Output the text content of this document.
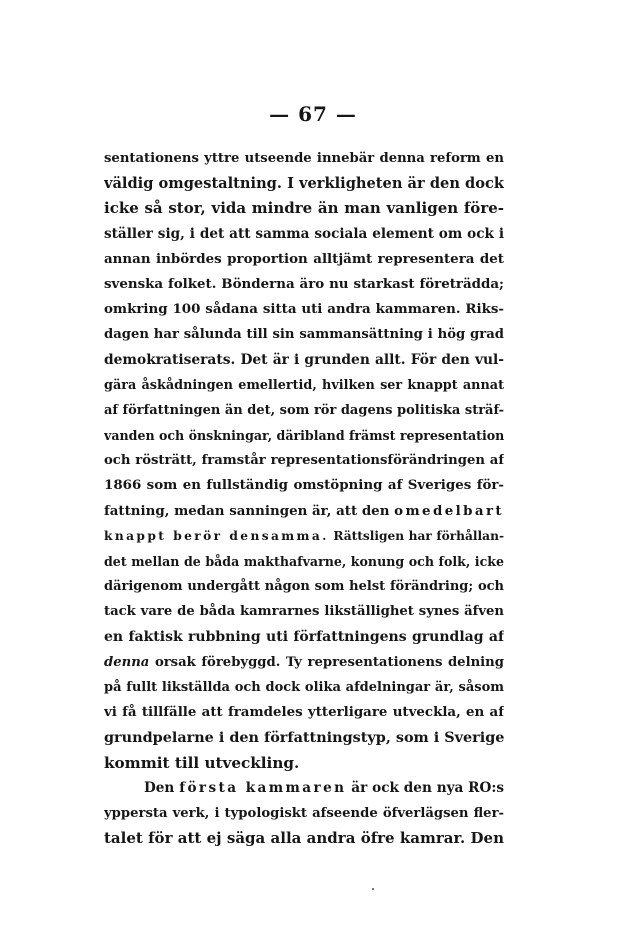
— 67 —
sentationens yttre utseende innebär denna reform en
väldig omgestaltning. I verkligheten är den dock
icke så stor, vida mindre än man vanligen före-
ställer sig, i det att samma sociala element om ock i
annan inbördes proportion alltjämt representera det
svenska folket. Bönderna äro nu starkast företrädda;
omkring 100 sådana sitta uti andra kammaren. Riks-
dagen har sålunda till sin sammansättning i hög grad
demokratiserats. Det är i grunden allt. För den vul-
gära åskådningen emellertid, hvilken ser knappt annat
af författningen än det, som rör dagens politiska sträf-
vanden och önskningar, däribland främst representation
och rösträtt, framstår representationsförändringen af
1866 som en fullständig omstöpning af Sveriges för-
fattning, medan sanningen är, att den omedelbart
knappt berör densamma. Rättsligen har förhållan-
det mellan de båda makthafvarne, konung och folk, icke
därigenom undergått någon som helst förändring; och
tack vare de båda kamrarnes likställighet synes äfven
en faktisk rubbning uti författningens grundlag af
denna orsak förebyggd. Ty representationens delning
på fullt likställda och dock olika afdelningar är, såsom
vi få tillfälle att framdeles ytterligare utveckla, en af
grundpelarne i den författningstyp, som i Sverige
kommit till utveckling.
Den första kammaren är ock den nya RO:s
yppersta verk, i typologiskt afseende öfverlägsen fler-
talet för att ej säga alla andra öfre kamrar. Den
